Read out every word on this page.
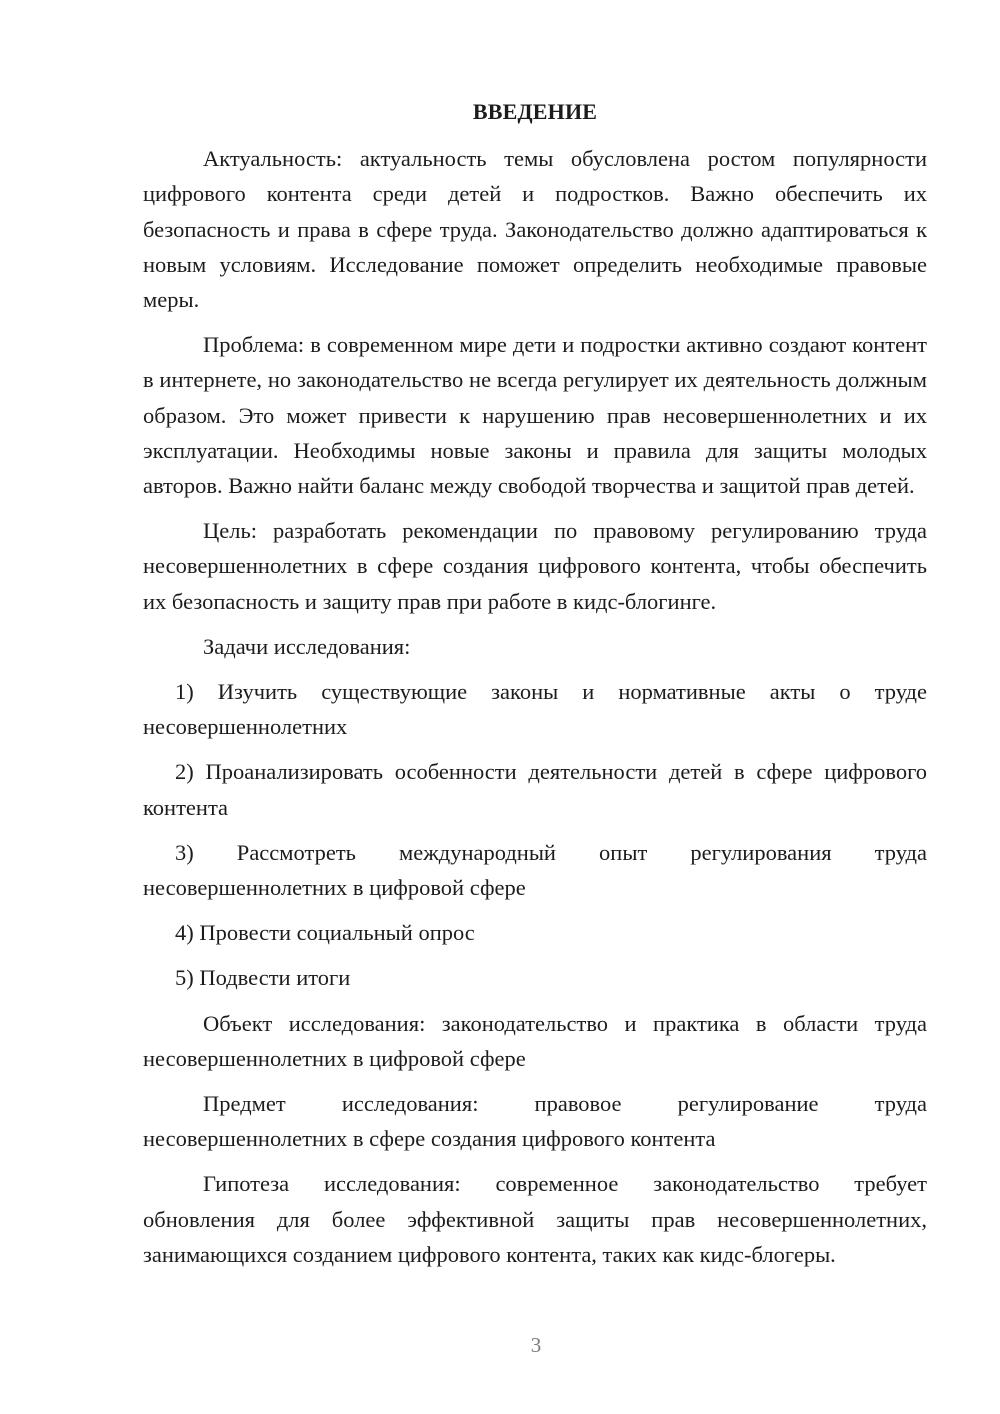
ВВЕДЕНИЕ

Актуальность: актуальность темы обусловлена ростом популярности цифрового контента среди детей и подростков. Важно обеспечить их безопасность и права в сфере труда. Законодательство должно адаптироваться к новым условиям. Исследование поможет определить необходимые правовые меры.

Проблема: в современном мире дети и подростки активно создают контент в интернете, но законодательство не всегда регулирует их деятельность должным образом. Это может привести к нарушению прав несовершеннолетних и их эксплуатации. Необходимы новые законы и правила для защиты молодых авторов. Важно найти баланс между свободой творчества и защитой прав детей.

Цель: разработать рекомендации по правовому регулированию труда несовершеннолетних в сфере создания цифрового контента, чтобы обеспечить их безопасность и защиту прав при работе в кидс-блогинге.

Задачи исследования:

1) Изучить существующие законы и нормативные акты о труде несовершеннолетних

2) Проанализировать особенности деятельности детей в сфере цифрового контента

3) Рассмотреть международный опыт регулирования труда несовершеннолетних в цифровой сфере

4) Провести социальный опрос

5) Подвести итоги

Объект исследования: законодательство и практика в области труда несовершеннолетних в цифровой сфере

Предмет исследования: правовое регулирование труда несовершеннолетних в сфере создания цифрового контента

Гипотеза исследования: современное законодательство требует обновления для более эффективной защиты прав несовершеннолетних, занимающихся созданием цифрового контента, таких как кидс-блогеры.

3
